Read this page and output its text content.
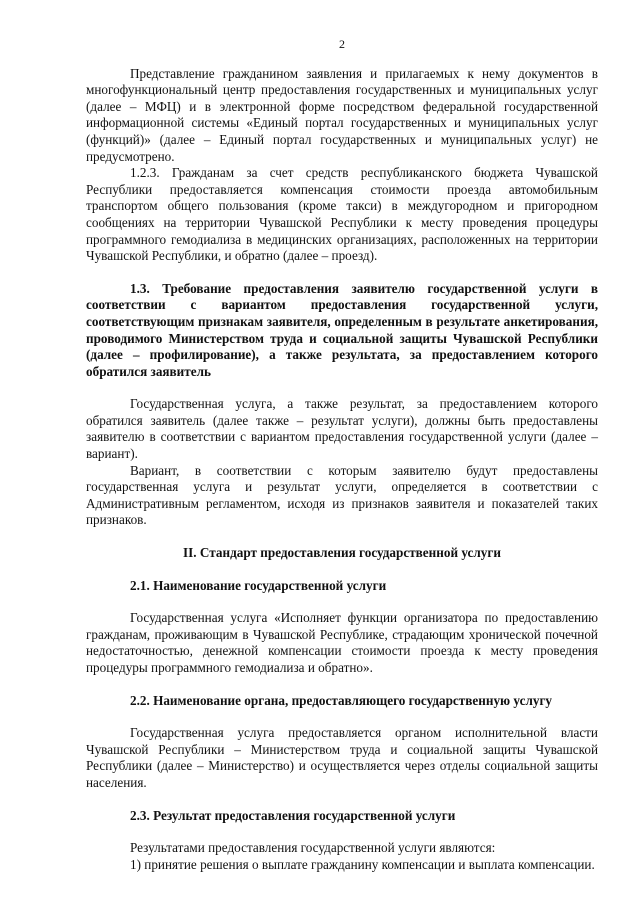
2

Представление гражданином заявления и прилагаемых к нему документов в многофункциональный центр предоставления государственных и муниципальных услуг (далее – МФЦ) и в электронной форме посредством федеральной государственной информационной системы «Единый портал государственных и муниципальных услуг (функций)» (далее – Единый портал государственных и муниципальных услуг) не предусмотрено.

1.2.3. Гражданам за счет средств республиканского бюджета Чувашской Республики предоставляется компенсация стоимости проезда автомобильным транспортом общего пользования (кроме такси) в междугородном и пригородном сообщениях на территории Чувашской Республики к месту проведения процедуры программного гемодиализа в медицинских организациях, расположенных на территории Чувашской Республики, и обратно (далее – проезд).

1.3. Требование предоставления заявителю государственной услуги в соответствии с вариантом предоставления государственной услуги, соответствующим признакам заявителя, определенным в результате анкетирования, проводимого Министерством труда и социальной защиты Чувашской Республики (далее – профилирование), а также результата, за предоставлением которого обратился заявитель

Государственная услуга, а также результат, за предоставлением которого обратился заявитель (далее также – результат услуги), должны быть предоставлены заявителю в соответствии с вариантом предоставления государственной услуги (далее – вариант).

Вариант, в соответствии с которым заявителю будут предоставлены государственная услуга и результат услуги, определяется в соответствии с Административным регламентом, исходя из признаков заявителя и показателей таких признаков.

II. Стандарт предоставления государственной услуги

2.1. Наименование государственной услуги

Государственная услуга «Исполняет функции организатора по предоставлению гражданам, проживающим в Чувашской Республике, страдающим хронической почечной недостаточностью, денежной компенсации стоимости проезда к месту проведения процедуры программного гемодиализа и обратно».

2.2. Наименование органа, предоставляющего государственную услугу

Государственная услуга предоставляется органом исполнительной власти Чувашской Республики – Министерством труда и социальной защиты Чувашской Республики (далее – Министерство) и осуществляется через отделы социальной защиты населения.

2.3. Результат предоставления государственной услуги

Результатами предоставления государственной услуги являются:

1) принятие решения о выплате гражданину компенсации и выплата компенсации.
